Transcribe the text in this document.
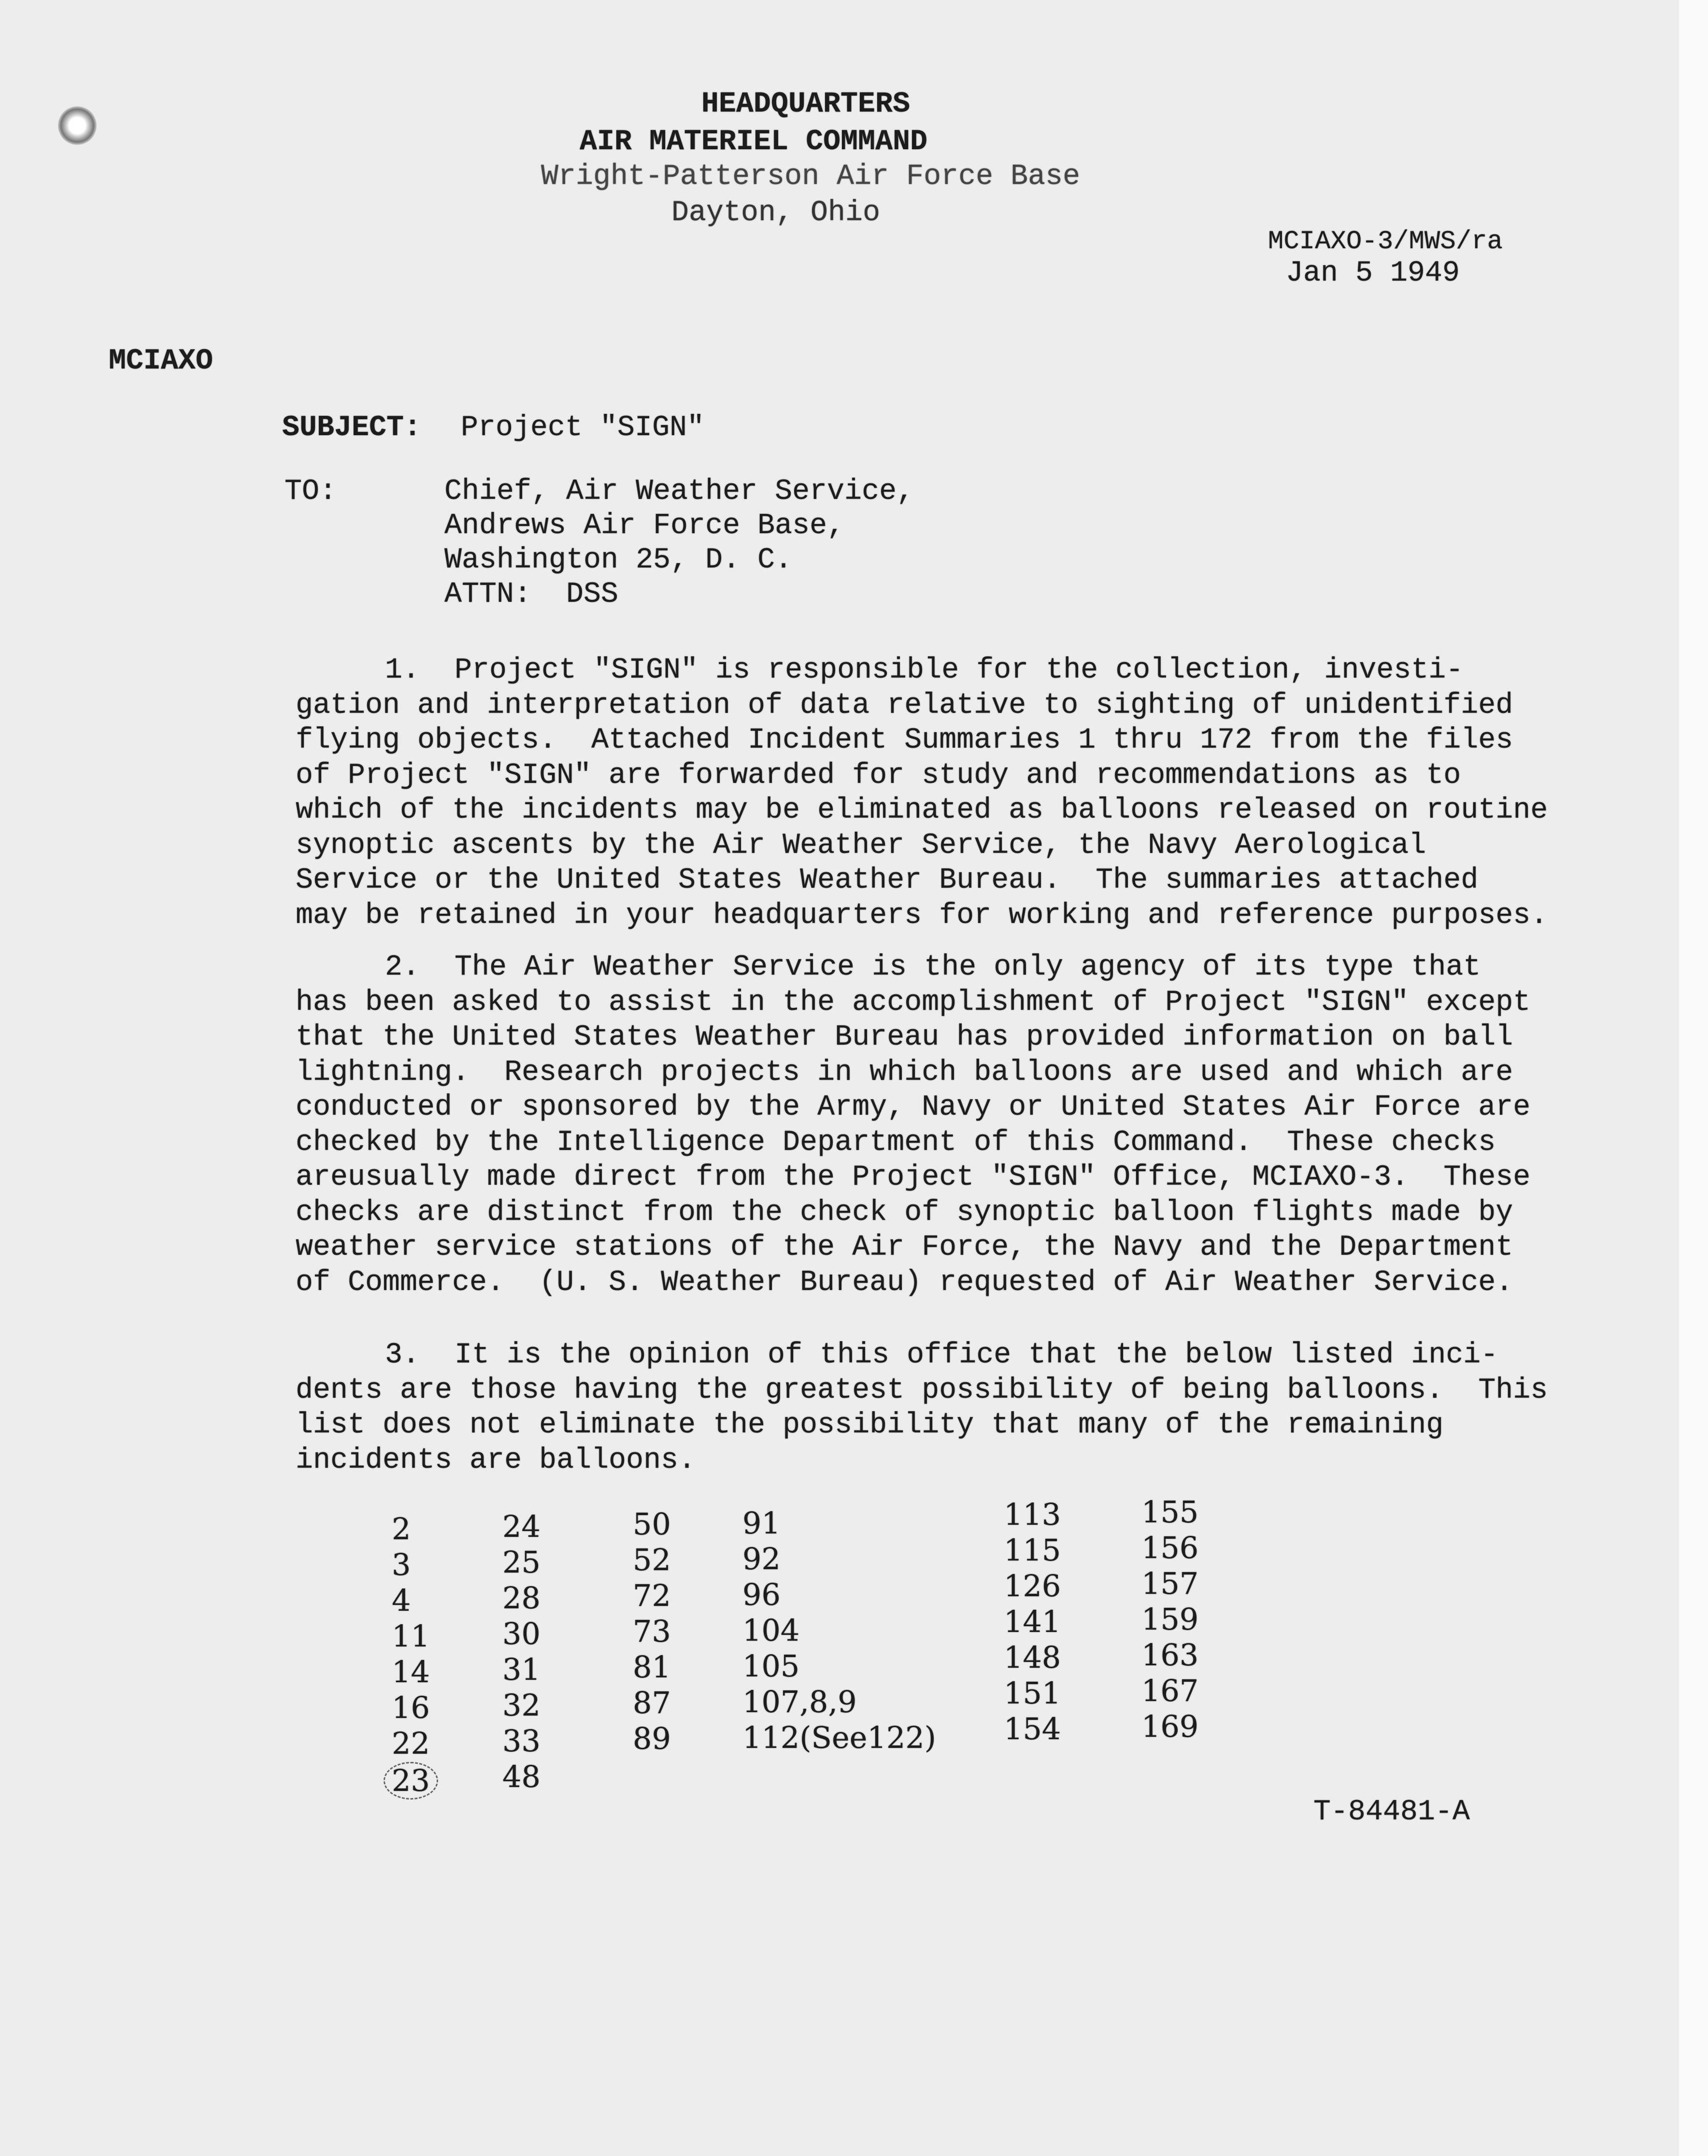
HEADQUARTERS
AIR MATERIEL COMMAND
Wright-Patterson Air Force Base
Dayton, Ohio
MCIAXO-3/MWS/ra
Jan 5 1949
MCIAXO
SUBJECT: Project "SIGN"
TO:	Chief, Air Weather Service,
Andrews Air Force Base,
Washington 25, D. C.
ATTN:  DSS
1.  Project "SIGN" is responsible for the collection, investi-
gation and interpretation of data relative to sighting of unidentified
flying objects.  Attached Incident Summaries 1 thru 172 from the files
of Project "SIGN" are forwarded for study and recommendations as to
which of the incidents may be eliminated as balloons released on routine
synoptic ascents by the Air Weather Service, the Navy Aerological
Service or the United States Weather Bureau.  The summaries attached
may be retained in your headquarters for working and reference purposes.
2.  The Air Weather Service is the only agency of its type that
has been asked to assist in the accomplishment of Project "SIGN" except
that the United States Weather Bureau has provided information on ball
lightning.  Research projects in which balloons are used and which are
conducted or sponsored by the Army, Navy or United States Air Force are
checked by the Intelligence Department of this Command.  These checks
areusually made direct from the Project "SIGN" Office, MCIAXO-3.  These
checks are distinct from the check of synoptic balloon flights made by
weather service stations of the Air Force, the Navy and the Department
of Commerce.  (U. S. Weather Bureau) requested of Air Weather Service.
3.  It is the opinion of this office that the below listed inci-
dents are those having the greatest possibility of being balloons.  This
list does not eliminate the possibility that many of the remaining
incidents are balloons.
2
3
4
11
14
16
22
23
24
25
28
30
31
32
33
48
50
52
72
73
81
87
89
91
92
96
104
105
107,8,9
112(See122)
113
115
126
141
148
151
154
155
156
157
159
163
167
169
T-84481-A
